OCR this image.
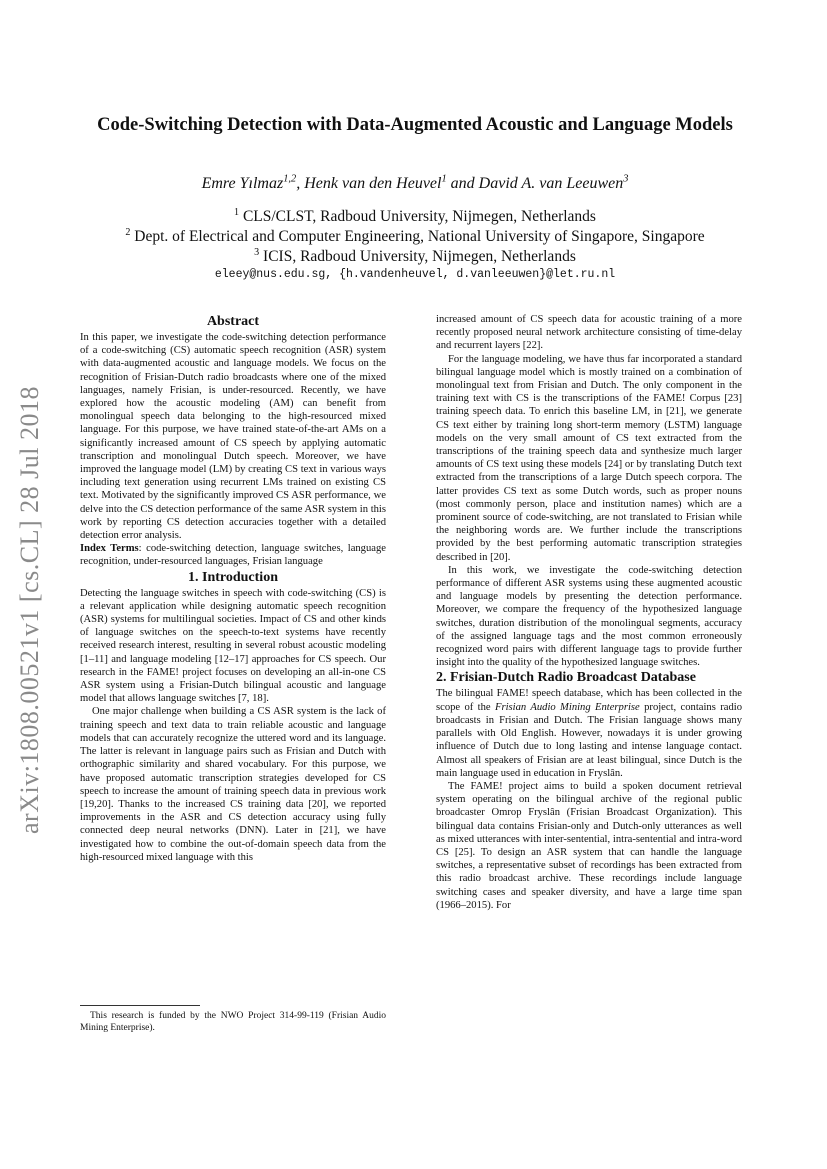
Code-Switching Detection with Data-Augmented Acoustic and Language Models
Emre Yılmaz$^{1,2}$, Henk van den Heuvel$^1$ and David A. van Leeuwen$^3$
$^1$ CLS/CLST, Radboud University, Nijmegen, Netherlands
$^2$ Dept. of Electrical and Computer Engineering, National University of Singapore, Singapore
$^3$ ICIS, Radboud University, Nijmegen, Netherlands
eleey@nus.edu.sg, {h.vandenheuvel, d.vanleeuwen}@let.ru.nl
arXiv:1808.00521v1 [cs.CL] 28 Jul 2018
Abstract

In this paper, we investigate the code-switching detection performance of a code-switching (CS) automatic speech recognition (ASR) system with data-augmented acoustic and language models. We focus on the recognition of Frisian-Dutch radio broadcasts where one of the mixed languages, namely Frisian, is under-resourced. Recently, we have explored how the acoustic modeling (AM) can benefit from monolingual speech data belonging to the high-resourced mixed language. For this purpose, we have trained state-of-the-art AMs on a significantly increased amount of CS speech by applying automatic transcription and monolingual Dutch speech. Moreover, we have improved the language model (LM) by creating CS text in various ways including text generation using recurrent LMs trained on existing CS text. Motivated by the significantly improved CS ASR performance, we delve into the CS detection performance of the same ASR system in this work by reporting CS detection accuracies together with a detailed detection error analysis.

Index Terms: code-switching detection, language switches, language recognition, under-resourced languages, Frisian language

1. Introduction

Detecting the language switches in speech with code-switching (CS) is a relevant application while designing automatic speech recognition (ASR) systems for multilingual societies. Impact of CS and other kinds of language switches on the speech-to-text systems have recently received research interest, resulting in several robust acoustic modeling [1–11] and language modeling [12–17] approaches for CS speech. Our research in the FAME! project focuses on developing an all-in-one CS ASR system using a Frisian-Dutch bilingual acoustic and language model that allows language switches [7, 18].

One major challenge when building a CS ASR system is the lack of training speech and text data to train reliable acoustic and language models that can accurately recognize the uttered word and its language. The latter is relevant in language pairs such as Frisian and Dutch with orthographic similarity and shared vocabulary. For this purpose, we have proposed automatic transcription strategies developed for CS speech to increase the amount of training speech data in previous work [19,20]. Thanks to the increased CS training data [20], we reported improvements in the ASR and CS detection accuracy using fully connected deep neural networks (DNN). Later in [21], we have investigated how to combine the out-of-domain speech data from the high-resourced mixed language with this

This research is funded by the NWO Project 314-99-119 (Frisian Audio Mining Enterprise).

increased amount of CS speech data for acoustic training of a more recently proposed neural network architecture consisting of time-delay and recurrent layers [22].

For the language modeling, we have thus far incorporated a standard bilingual language model which is mostly trained on a combination of monolingual text from Frisian and Dutch. The only component in the training text with CS is the transcriptions of the FAME! Corpus [23] training speech data. To enrich this baseline LM, in [21], we generate CS text either by training long short-term memory (LSTM) language models on the very small amount of CS text extracted from the transcriptions of the training speech data and synthesize much larger amounts of CS text using these models [24] or by translating Dutch text extracted from the transcriptions of a large Dutch speech corpora. The latter provides CS text as some Dutch words, such as proper nouns (most commonly person, place and institution names) which are a prominent source of code-switching, are not translated to Frisian while the neighboring words are. We further include the transcriptions provided by the best performing automatic transcription strategies described in [20].

In this work, we investigate the code-switching detection performance of different ASR systems using these augmented acoustic and language models by presenting the detection performance. Moreover, we compare the frequency of the hypothesized language switches, duration distribution of the monolingual segments, accuracy of the assigned language tags and the most common erroneously recognized word pairs with different language tags to provide further insight into the quality of the hypothesized language switches.

2. Frisian-Dutch Radio Broadcast Database

The bilingual FAME! speech database, which has been collected in the scope of the Frisian Audio Mining Enterprise project, contains radio broadcasts in Frisian and Dutch. The Frisian language shows many parallels with Old English. However, nowadays it is under growing influence of Dutch due to long lasting and intense language contact. Almost all speakers of Frisian are at least bilingual, since Dutch is the main language used in education in Fryslân.

The FAME! project aims to build a spoken document retrieval system operating on the bilingual archive of the regional public broadcaster Omrop Fryslân (Frisian Broadcast Organization). This bilingual data contains Frisian-only and Dutch-only utterances as well as mixed utterances with inter-sentential, intra-sentential and intra-word CS [25]. To design an ASR system that can handle the language switches, a representative subset of recordings has been extracted from this radio broadcast archive. These recordings include language switching cases and speaker diversity, and have a large time span (1966–2015). For
